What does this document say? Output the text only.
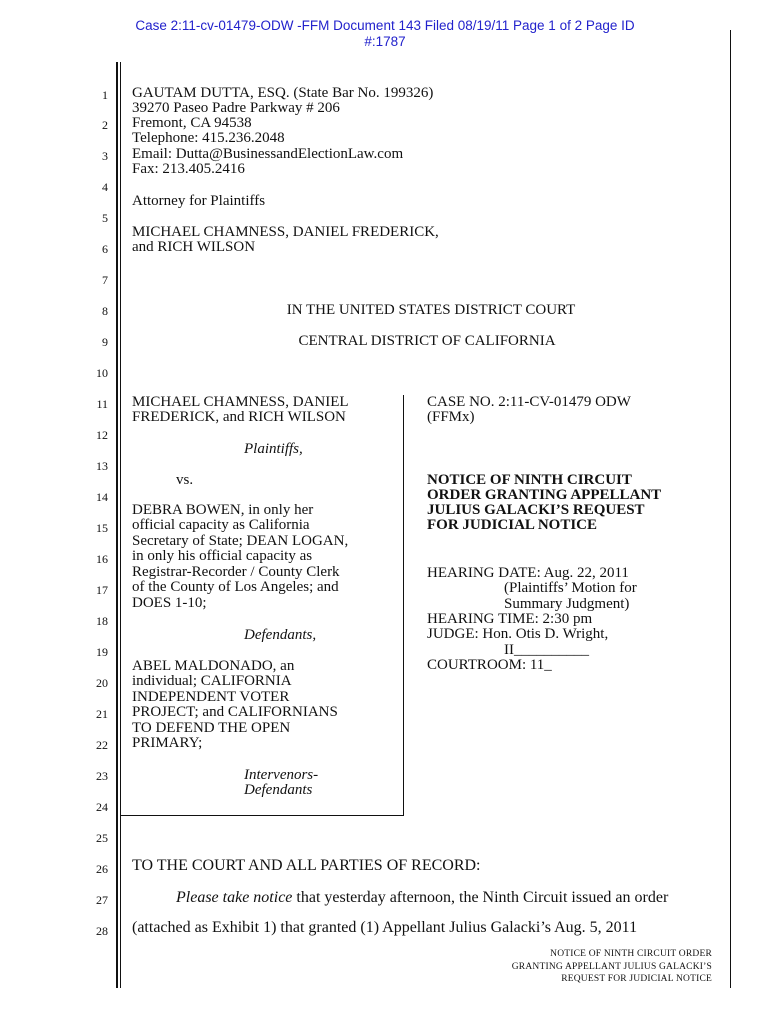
Case 2:11-cv-01479-ODW -FFM Document 143 Filed 08/19/11 Page 1 of 2 Page ID
#:1787
1
2
3
4
5
6
7
8
9
10
11
12
13
14
15
16
17
18
19
20
21
22
23
24
25
26
27
28
GAUTAM DUTTA, ESQ. (State Bar No. 199326)
39270 Paseo Padre Parkway # 206
Fremont, CA 94538
Telephone: 415.236.2048
Email: Dutta@BusinessandElectionLaw.com
Fax: 213.405.2416
Attorney for Plaintiffs
MICHAEL CHAMNESS, DANIEL FREDERICK,
and RICH WILSON
IN THE UNITED STATES DISTRICT COURT
CENTRAL DISTRICT OF CALIFORNIA
MICHAEL CHAMNESS, DANIEL
FREDERICK, and RICH WILSON
Plaintiffs,
vs.
DEBRA BOWEN, in only her
official capacity as California
Secretary of State; DEAN LOGAN,
in only his official capacity as
Registrar-Recorder / County Clerk
of the County of Los Angeles; and
DOES 1-10;
Defendants,
ABEL MALDONADO, an
individual; CALIFORNIA
INDEPENDENT VOTER
PROJECT; and CALIFORNIANS
TO DEFEND THE OPEN
PRIMARY;
Intervenors-
Defendants
CASE NO. 2:11-CV-01479 ODW
(FFMx)
NOTICE OF NINTH CIRCUIT
ORDER GRANTING APPELLANT
JULIUS GALACKI’S REQUEST
FOR JUDICIAL NOTICE
HEARING DATE: Aug. 22, 2011
(Plaintiffs’ Motion for
Summary Judgment)
HEARING TIME: 2:30 pm
JUDGE: Hon. Otis D. Wright,
II__________
COURTROOM: 11_
TO THE COURT AND ALL PARTIES OF RECORD:
Please take notice that yesterday afternoon, the Ninth Circuit issued an order
(attached as Exhibit 1) that granted (1) Appellant Julius Galacki’s Aug. 5, 2011
NOTICE OF NINTH CIRCUIT ORDER
GRANTING APPELLANT JULIUS GALACKI’S
REQUEST FOR JUDICIAL NOTICE
